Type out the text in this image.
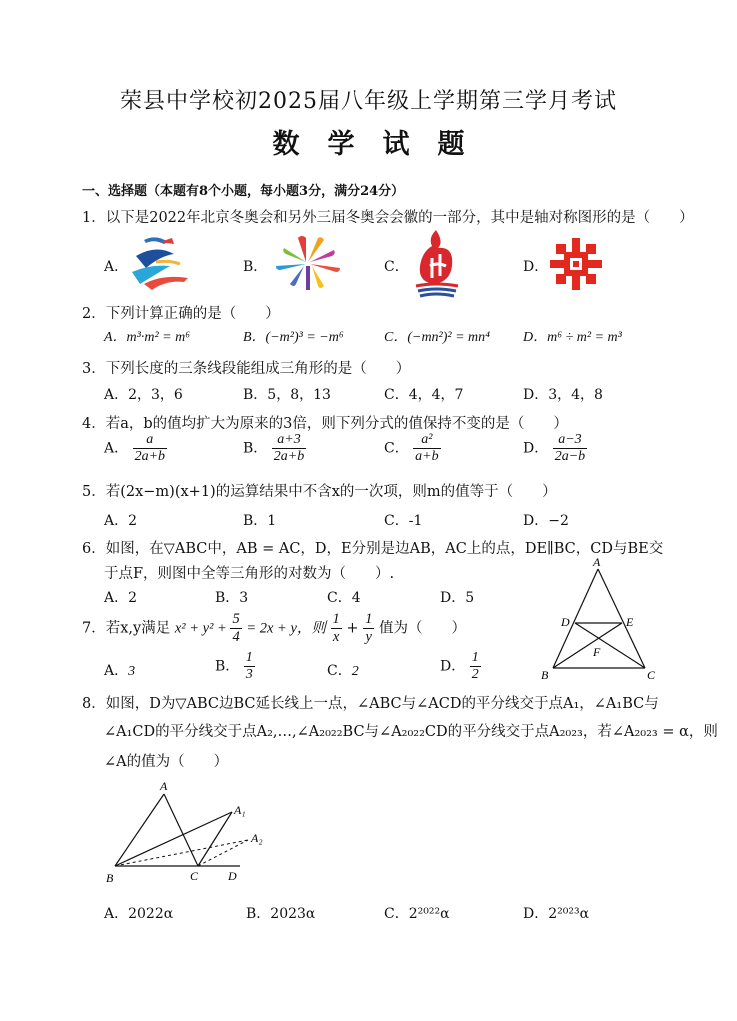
荣县中学校初2025届八年级上学期第三学月考试
数学试题
一、选择题（本题有8个小题，每小题3分，满分24分）
1．以下是2022年北京冬奥会和另外三届冬奥会会徽的一部分，其中是轴对称图形的是（　　）
A．	B．	C．	D．
2．下列计算正确的是（　　）
A．m³·m² = m⁶	B．(−m²)³ = −m⁶	C．(−mn²)² = mn⁴ D．m⁶ ÷ m² = m³
3．下列长度的三条线段能组成三角形的是（　　）
A．2，3，6	B．5，8，13	C．4，4，7	D．3，4，8
4．若a，b的值均扩大为原来的3倍，则下列分式的值保持不变的是（　　）
A． $\frac{a}{2a+b}$	B． $\frac{a+3}{2a+b}$	C． $\frac{\text{a²}}{a+b}$	D． $\frac{a-3}{2a-b}$
5．若(2x−m)(x+1)的运算结果中不含x的一次项，则m的值等于（　　）
A．2	B．1	C．-1	D．−2
6．如图，在▽ABC中，AB = AC，D，E分别是边AB，AC上的点，DE∥BC，CD与BE交
于点F，则图中全等三角形的对数为（　　）.
A．2	B．3	C．4	D．5
A
D	E
F
B	C
7．若x,y满足 $x^2 + y^2 + \frac{5}{4} = 2x + y$，则 $\frac{1}{x} + \frac{1}{y}$ 值为（　　）
A．3	B． $\frac{1}{3}$	C．2	D． $\frac{1}{2}$
8．如图，D为▽ABC边BC延长线上一点，∠ABC与∠ACD的平分线交于点A₁，∠A₁BC与
∠A₁CD的平分线交于点A₂,…,∠A₂₀₂₂BC与∠A₂₀₂₂CD的平分线交于点A₂₀₂₃，若∠A₂₀₂₃ = α，则
∠A的值为（　　）
A
A₁
A₂
B	C D
A．2022α	B．2023α	C．2²⁰²²α	D．2²⁰²³α
